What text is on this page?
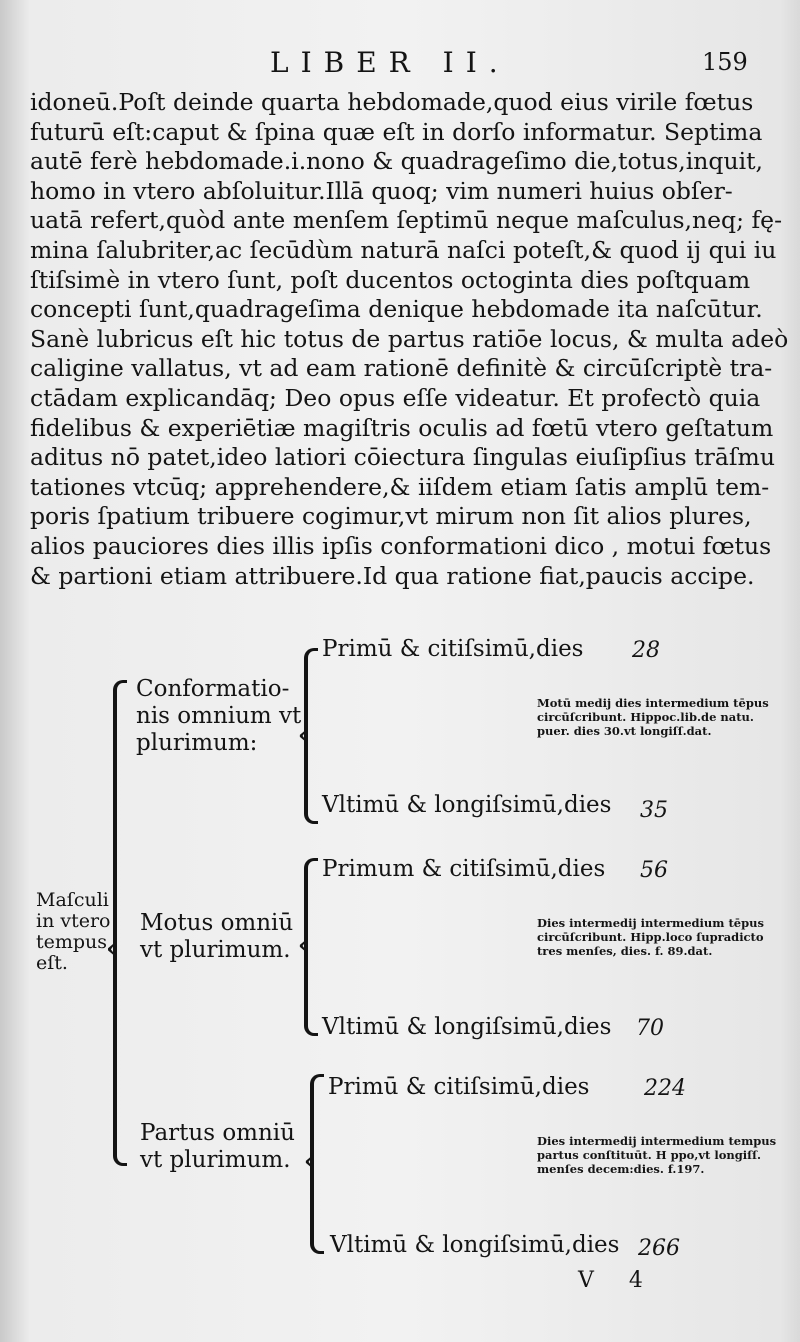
LIBER II.	159
idoneū.Poſt deinde quarta hebdomade,quod eius virile fœtus
futurū eſt:caput & ſpina quæ eſt in dorſo informatur. Septima
autē ferè hebdomade.i.nono & quadrageſimo die,totus,inquit,
homo in vtero abſoluitur.Illā quoq; vim numeri huius obſer-
uatā refert,quòd ante menſem ſeptimū neque maſculus,neq; fę-
mina ſalubriter,ac ſecūdùm naturā naſci poteſt,& quod ij qui iu
ſtiſsimè in vtero ſunt, poſt ducentos octoginta dies poſtquam
concepti ſunt,quadrageſima denique hebdomade ita naſcūtur.
Sanè lubricus eſt hic totus de partus ratiōe locus, & multa adeò
caligine vallatus, vt ad eam rationē definitè & circūſcriptè tra-
ctādam explicandāq; Deo opus eſſe videatur. Et profectò quia
fidelibus & experiētiæ magiſtris oculis ad fœtū vtero geſtatum
aditus nō patet,ideo latiori cōiectura ſingulas eiuſipſius trāſmu
tationes vtcūq; apprehendere,& iiſdem etiam ſatis amplū tem-
poris ſpatium tribuere cogimur,vt mirum non ſit alios plures,
alios pauciores dies illis ipſis conformationi dico , motui fœtus
& partioni etiam attribuere.Id qua ratione fiat,paucis accipe.
Maſculi in vtero tempus eſt.	‹
Conformatio-nis omnium vt plurimum:
Motus omniū vt plurimum.
Partus omniū vt plurimum.
‹
‹
‹
Primū & citiſsimū,dies 28
Vltimū & longiſsimū,dies 35
Primum & citiſsimū,dies 56
Vltimū & longiſsimū,dies 70
Primū & citiſsimū,dies 224
Vltimū & longiſsimū,dies 266
Motū medij dies intermedium tēpus circūſcribunt. Hippoc.lib.de natu. puer. dies 30.vt longiſſ.dat.
Dies intermedij intermedium tēpus circūſcribunt. Hipp.loco ſupradicto tres menſes, dies. f. 89.dat.
Dies intermedij intermedium tempus partus conſtituūt. H ppo,vt longiſſ. menſes decem:dies. f.197.
V 4
